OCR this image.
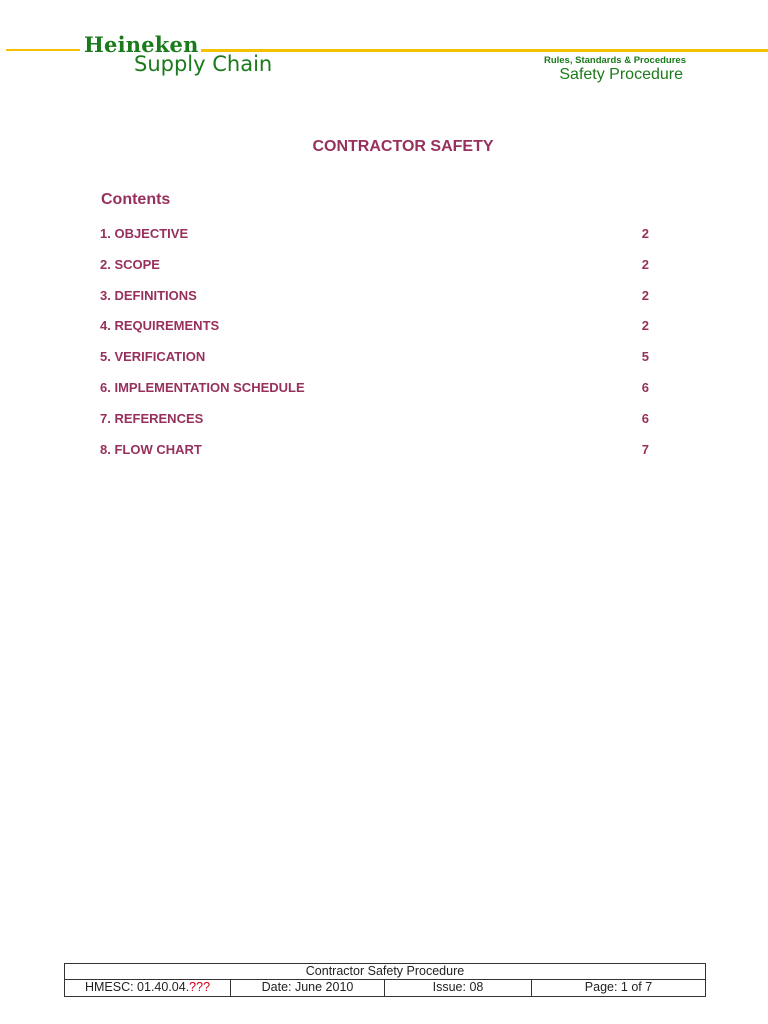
Heineken
Supply Chain	Rules, Standards & Procedures
Safety Procedure
CONTRACTOR SAFETY
Contents
1. OBJECTIVE	2
2. SCOPE	2
3. DEFINITIONS	2
4. REQUIREMENTS	2
5. VERIFICATION	5
6. IMPLEMENTATION SCHEDULE	6
7. REFERENCES	6
8. FLOW CHART	7
Contractor Safety Procedure
HMESC: 01.40.04.???	Date: June 2010	Issue: 08	Page: 1 of 7
